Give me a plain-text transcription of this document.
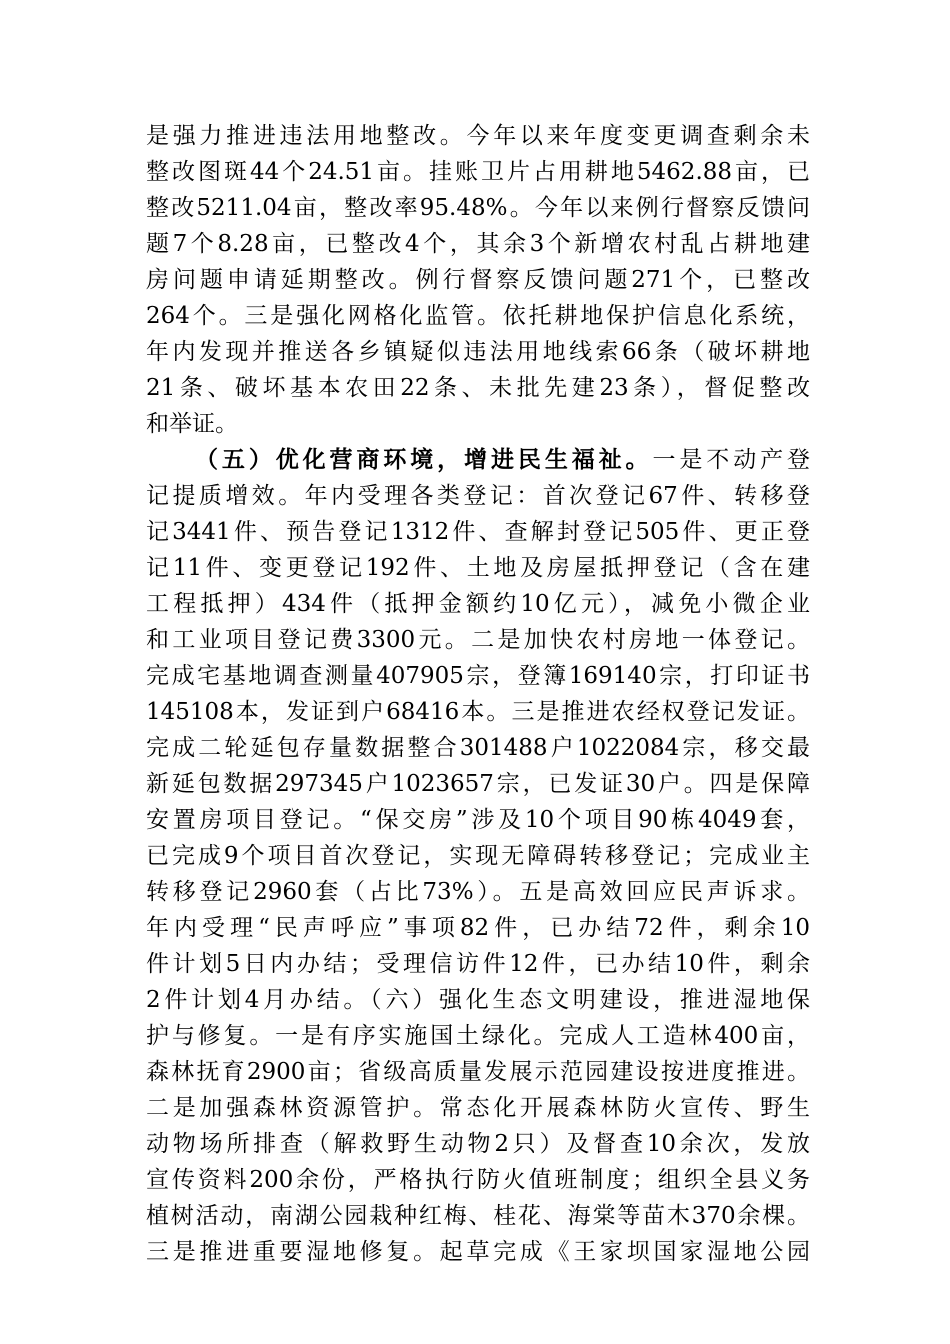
是强力推进违法用地整改。今年以来年度变更调查剩余未
整改图斑44个24.51亩。挂账卫片占用耕地5462.88亩，已
整改5211.04亩，整改率95.48%。今年以来例行督察反馈问
题7个8.28亩，已整改4个，其余3个新增农村乱占耕地建
房问题申请延期整改。例行督察反馈问题271个，已整改
264个。三是强化网格化监管。依托耕地保护信息化系统，
年内发现并推送各乡镇疑似违法用地线索66条（破坏耕地
21条、破坏基本农田22条、未批先建23条），督促整改
和举证。
（五）优化营商环境，增进民生福祉。一是不动产登
记提质增效。年内受理各类登记：首次登记67件、转移登
记3441件、预告登记1312件、查解封登记505件、更正登
记11件、变更登记192件、土地及房屋抵押登记（含在建
工程抵押）434件（抵押金额约10亿元），减免小微企业
和工业项目登记费3300元。二是加快农村房地一体登记。
完成宅基地调查测量407905宗，登簿169140宗，打印证书
145108本，发证到户68416本。三是推进农经权登记发证。
完成二轮延包存量数据整合301488户1022084宗，移交最
新延包数据297345户1023657宗，已发证30户。四是保障
安置房项目登记。“保交房”涉及10个项目90栋4049套，
已完成9个项目首次登记，实现无障碍转移登记；完成业主
转移登记2960套（占比73%）。五是高效回应民声诉求。
年内受理“民声呼应”事项82件，已办结72件，剩余10
件计划5日内办结；受理信访件12件，已办结10件，剩余
2件计划4月办结。（六）强化生态文明建设，推进湿地保
护与修复。一是有序实施国土绿化。完成人工造林400亩，
森林抚育2900亩；省级高质量发展示范园建设按进度推进。
二是加强森林资源管护。常态化开展森林防火宣传、野生
动物场所排查（解救野生动物2只）及督查10余次，发放
宣传资料200余份，严格执行防火值班制度；组织全县义务
植树活动，南湖公园栽种红梅、桂花、海棠等苗木370余棵。
三是推进重要湿地修复。起草完成《王家坝国家湿地公园
